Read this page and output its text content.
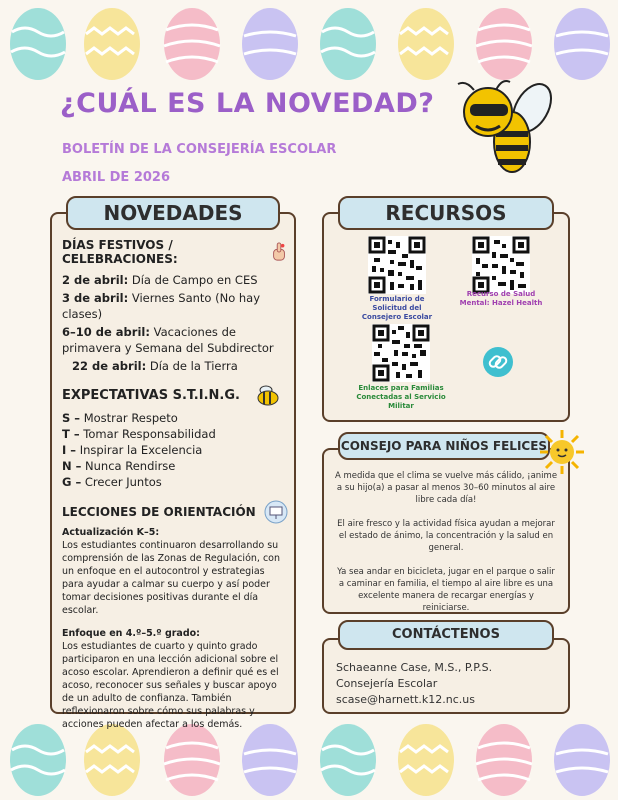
¿CUÁL ES LA NOVEDAD?
BOLETÍN DE LA CONSEJERÍA ESCOLAR
ABRIL DE 2026
NOVEDADES
DÍAS FESTIVOS / CELEBRACIONES:
2 de abril: Día de Campo en CES
3 de abril: Viernes Santo (No hay clases)
6–10 de abril: Vacaciones de primavera y Semana del Subdirector
22 de abril: Día de la Tierra
EXPECTATIVAS S.T.I.N.G.
S – Mostrar Respeto
T – Tomar Responsabilidad
I – Inspirar la Excelencia
N – Nunca Rendirse
G – Crecer Juntos
LECCIONES DE ORIENTACIÓN
Actualización K–5:
Los estudiantes continuaron desarrollando su comprensión de las Zonas de Regulación, con un enfoque en el autocontrol y estrategias para ayudar a calmar su cuerpo y así poder tomar decisiones positivas durante el día escolar.
Enfoque en 4.º–5.º grado:
Los estudiantes de cuarto y quinto grado participaron en una lección adicional sobre el acoso escolar. Aprendieron a definir qué es el acoso, reconocer sus señales y buscar apoyo de un adulto de confianza. También reflexionaron sobre cómo sus palabras y acciones pueden afectar a los demás.
RECURSOS
Formulario de Solicitud del Consejero Escolar
Recurso de Salud Mental: Hazel Health
Enlaces para Familias Conectadas al Servicio Militar
CONSEJO PARA NIÑOS FELICES
A medida que el clima se vuelve más cálido, ¡anime a su hijo(a) a pasar al menos 30–60 minutos al aire libre cada día!
El aire fresco y la actividad física ayudan a mejorar el estado de ánimo, la concentración y la salud en general.
Ya sea andar en bicicleta, jugar en el parque o salir a caminar en familia, el tiempo al aire libre es una excelente manera de recargar energías y reiniciarse.
CONTÁCTENOS
Schaeanne Case, M.S., P.P.S.
Consejería Escolar
scase@harnett.k12.nc.us
